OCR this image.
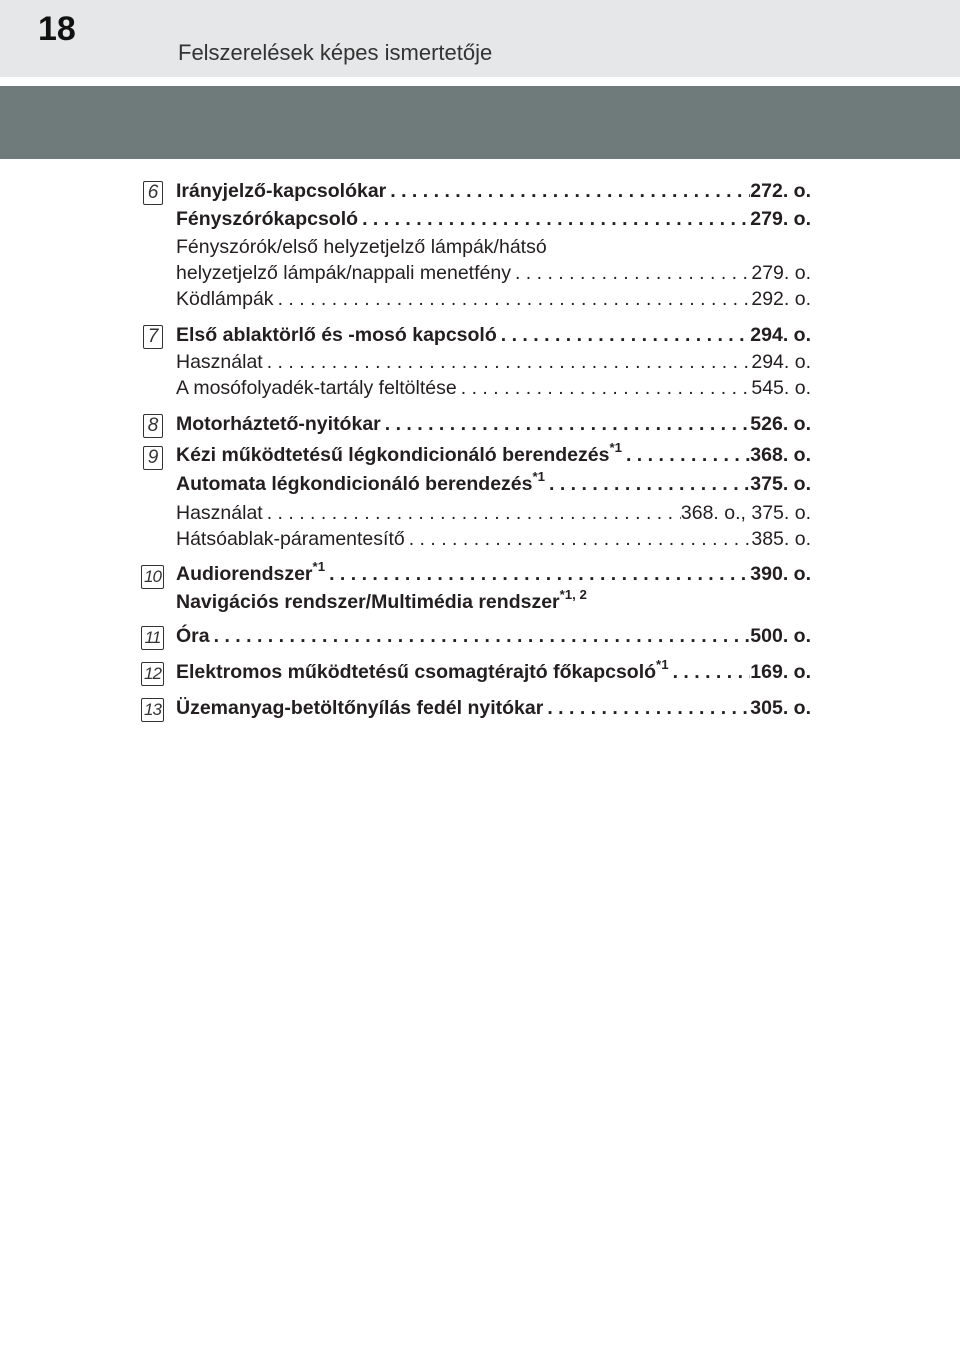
18
Felszerelések képes ismertetője
6 Irányjelző-kapcsolókar . . .	272. o.
Fényszórókapcsoló . . .	279. o.
Fényszórók/első helyzetjelző lámpák/hátsó
helyzetjelző lámpák/nappali menetfény . . .	279. o.
Ködlámpák . . .	292. o.
7 Első ablaktörlő és -mosó kapcsoló . . .	294. o.
Használat . . .	294. o.
A mosófolyadék-tartály feltöltése . . .	545. o.
8 Motorháztető-nyitókar . . .	526. o.
9 Kézi működtetésű légkondicionáló berendezés$^{*1}$ . . .	368. o.
Automata légkondicionáló berendezés$^{*1}$ . . .	375. o.
Használat . . .	368. o., 375. o.
Hátsóablak-páramentesítő . . .	385. o.
10 Audiorendszer$^{*1}$ . . .	390. o.
Navigációs rendszer/Multimédia rendszer$^{*1, 2}$
11 Óra . . .	500. o.
12 Elektromos működtetésű csomagtérajtó főkapcsoló$^{*1}$ . . .	169. o.
13 Üzemanyag-betöltőnyílás fedél nyitókar . . .	305. o.
